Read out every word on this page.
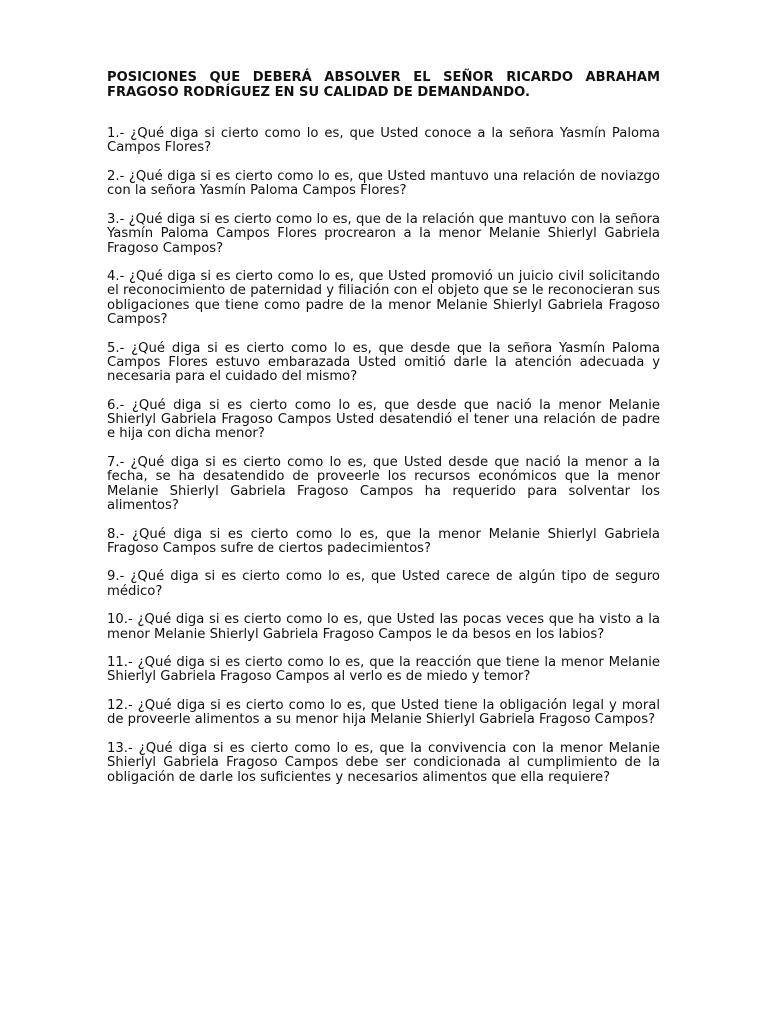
POSICIONES QUE DEBERÁ ABSOLVER EL SEÑOR RICARDO ABRAHAM FRAGOSO RODRÍGUEZ EN SU CALIDAD DE DEMANDANDO.
1.- ¿Qué diga si cierto como lo es, que Usted conoce a la señora Yasmín Paloma Campos Flores?
2.- ¿Qué diga si es cierto como lo es, que Usted mantuvo una relación de noviazgo con la señora Yasmín Paloma Campos Flores?
3.- ¿Qué diga si es cierto como lo es, que de la relación que mantuvo con la señora Yasmín Paloma Campos Flores procrearon a la menor Melanie Shierlyl Gabriela Fragoso Campos?
4.- ¿Qué diga si es cierto como lo es, que Usted promovió un juicio civil solicitando el reconocimiento de paternidad y filiación con el objeto que se le reconocieran sus obligaciones que tiene como padre de la menor Melanie Shierlyl Gabriela Fragoso Campos?
5.- ¿Qué diga si es cierto como lo es, que desde que la señora Yasmín Paloma Campos Flores estuvo embarazada Usted omitió darle la atención adecuada y necesaria para el cuidado del mismo?
6.- ¿Qué diga si es cierto como lo es, que desde que nació la menor Melanie Shierlyl Gabriela Fragoso Campos Usted desatendió el tener una relación de padre e hija con dicha menor?
7.- ¿Qué diga si es cierto como lo es, que Usted desde que nació la menor a la fecha, se ha desatendido de proveerle los recursos económicos que la menor Melanie Shierlyl Gabriela Fragoso Campos ha requerido para solventar los alimentos?
8.- ¿Qué diga si es cierto como lo es, que la menor Melanie Shierlyl Gabriela Fragoso Campos sufre de ciertos padecimientos?
9.- ¿Qué diga si es cierto como lo es, que Usted carece de algún tipo de seguro médico?
10.- ¿Qué diga si es cierto como lo es, que Usted las pocas veces que ha visto a la menor Melanie Shierlyl Gabriela Fragoso Campos le da besos en los labios?
11.- ¿Qué diga si es cierto como lo es, que la reacción que tiene la menor Melanie Shierlyl Gabriela Fragoso Campos al verlo es de miedo y temor?
12.- ¿Qué diga si es cierto como lo es, que Usted tiene la obligación legal y moral de proveerle alimentos a su menor hija Melanie Shierlyl Gabriela Fragoso Campos?
13.- ¿Qué diga si es cierto como lo es, que la convivencia con la menor Melanie Shierlyl Gabriela Fragoso Campos debe ser condicionada al cumplimiento de la obligación de darle los suficientes y necesarios alimentos que ella requiere?
